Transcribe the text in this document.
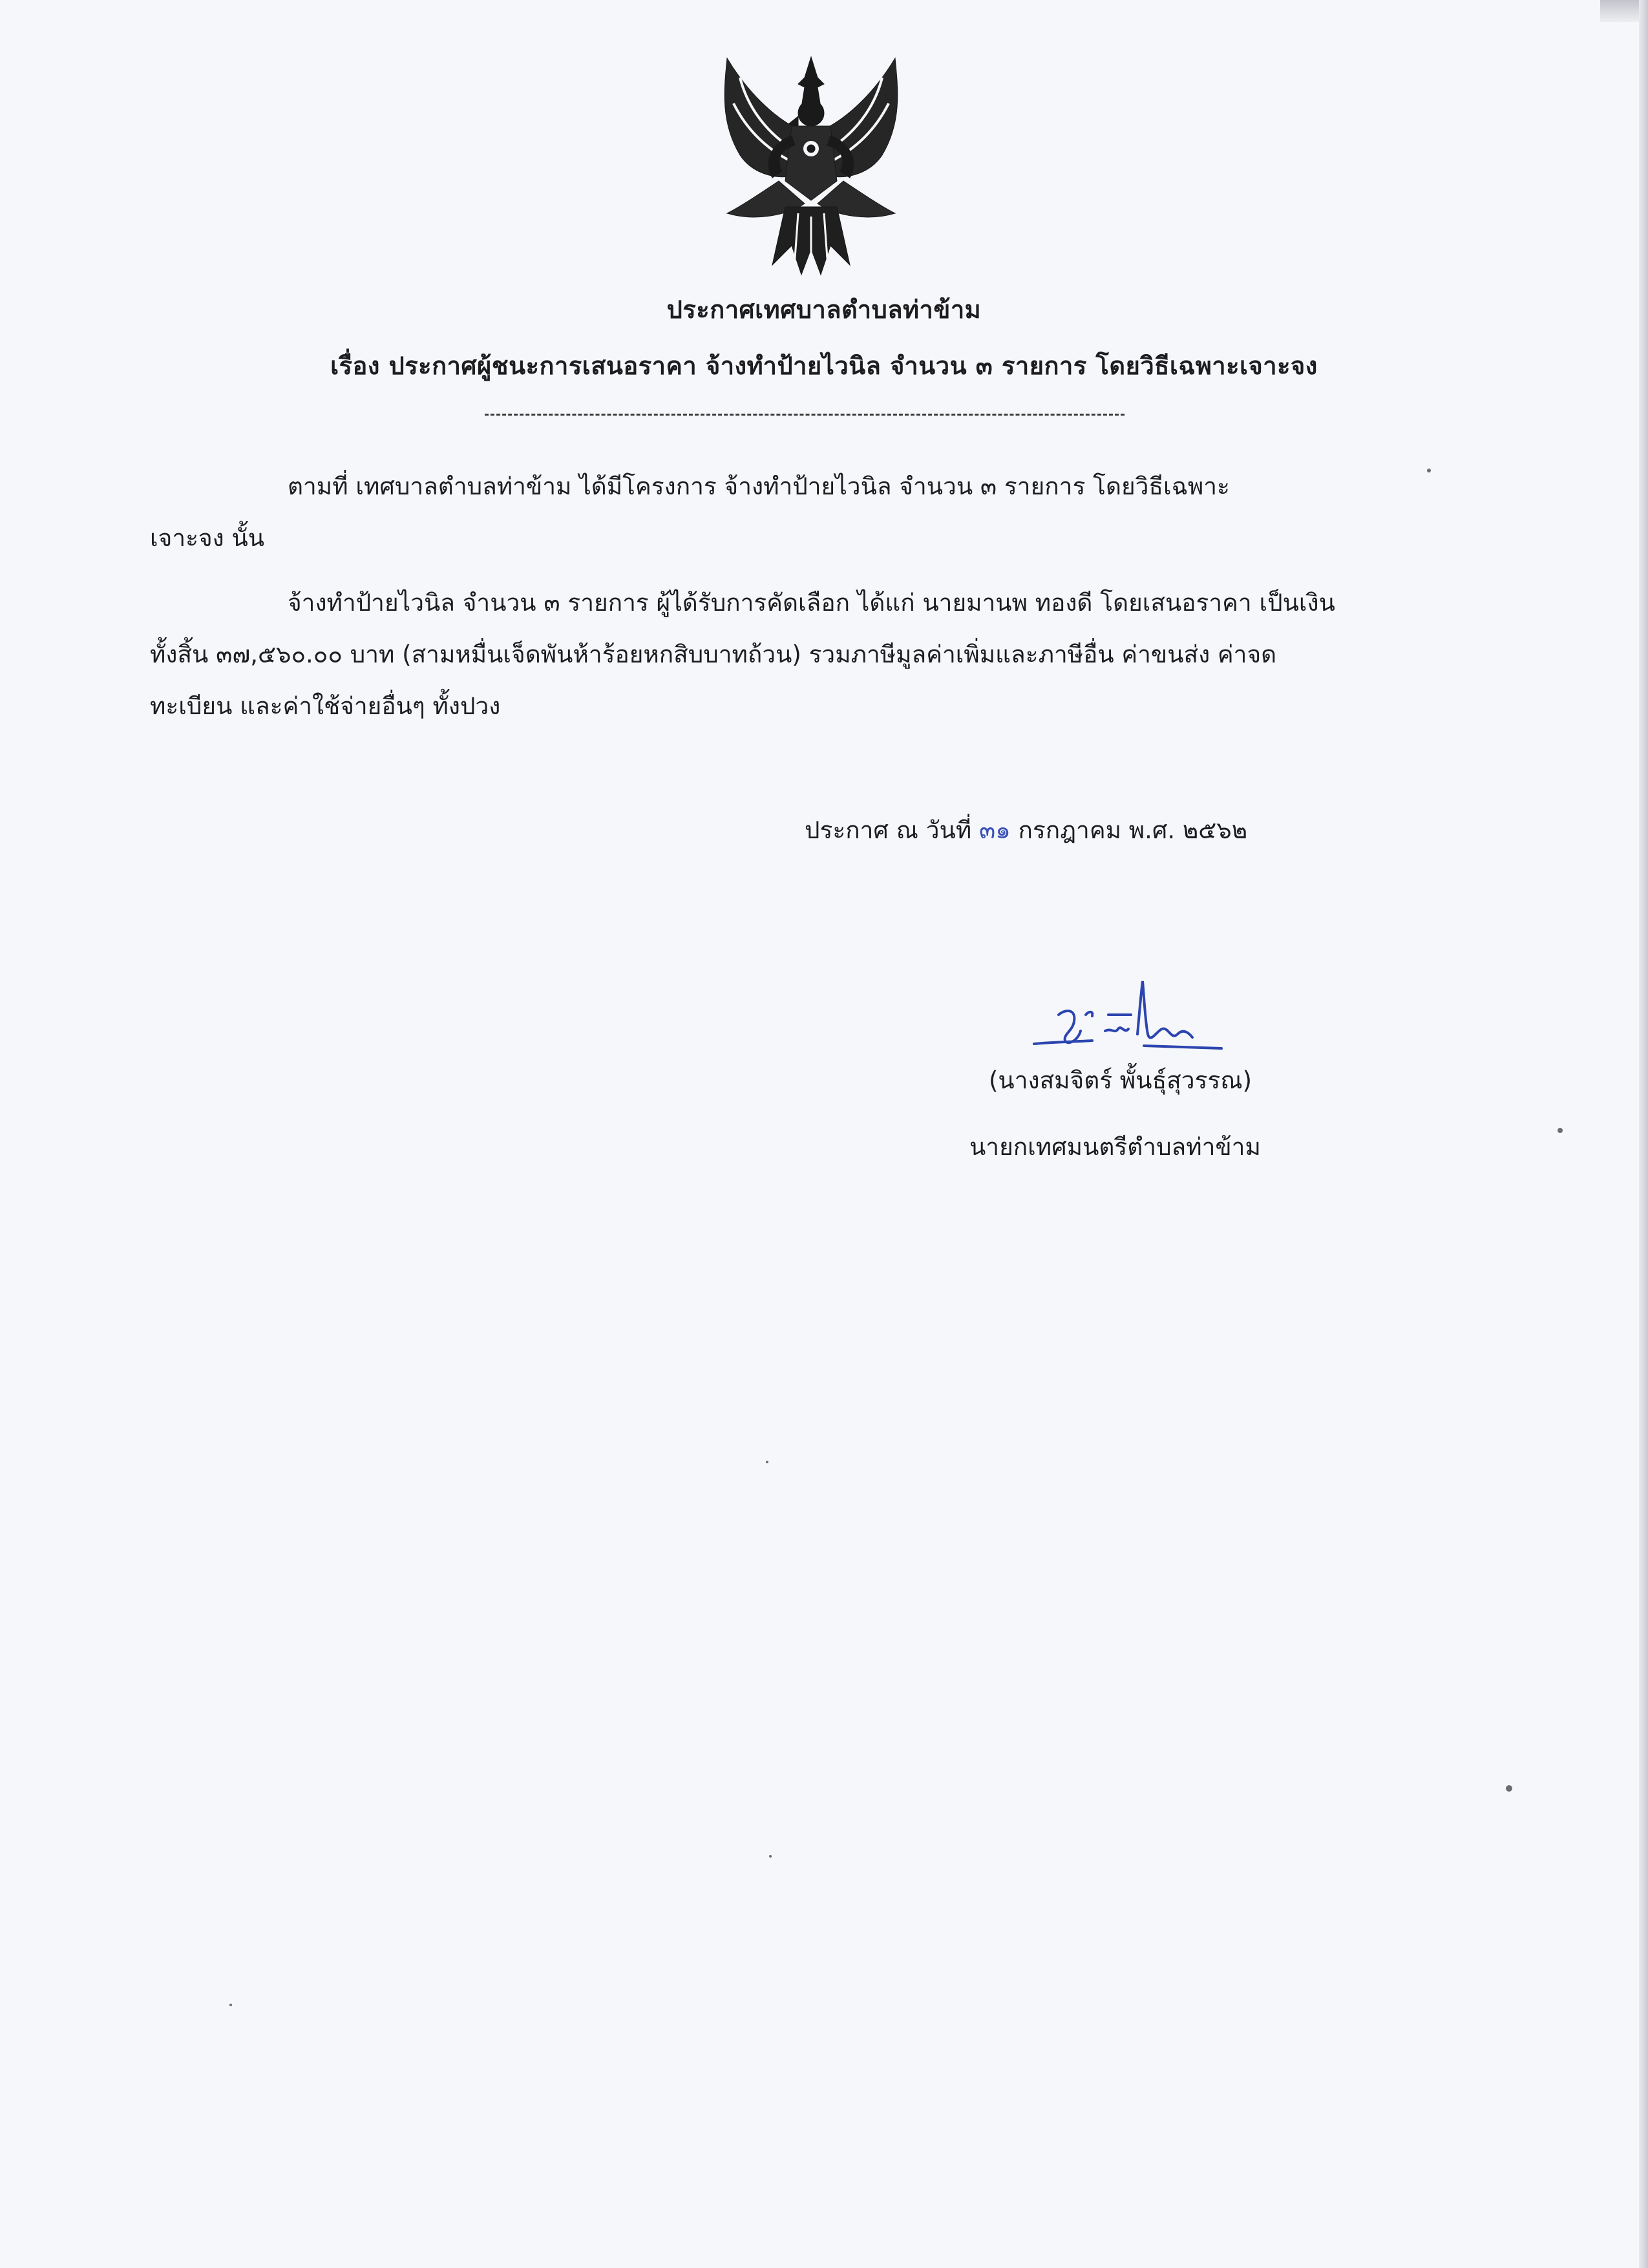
ประกาศเทศบาลตำบลท่าข้าม
เรื่อง ประกาศผู้ชนะการเสนอราคา จ้างทำป้ายไวนิล จำนวน ๓ รายการ โดยวิธีเฉพาะเจาะจง
ตามที่ เทศบาลตำบลท่าข้าม ได้มีโครงการ จ้างทำป้ายไวนิล จำนวน ๓ รายการ โดยวิธีเฉพาะ
เจาะจง นั้น
จ้างทำป้ายไวนิล จำนวน ๓ รายการ ผู้ได้รับการคัดเลือก ได้แก่ นายมานพ ทองดี โดยเสนอราคา เป็นเงิน
ทั้งสิ้น ๓๗,๕๖๐.๐๐ บาท (สามหมื่นเจ็ดพันห้าร้อยหกสิบบาทถ้วน) รวมภาษีมูลค่าเพิ่มและภาษีอื่น ค่าขนส่ง ค่าจด
ทะเบียน และค่าใช้จ่ายอื่นๆ ทั้งปวง
ประกาศ ณ วันที่ ๓๑ กรกฎาคม พ.ศ. ๒๕๖๒
(นางสมจิตร์ พั้นธุ์สุวรรณ)
นายกเทศมนตรีตำบลท่าข้าม
